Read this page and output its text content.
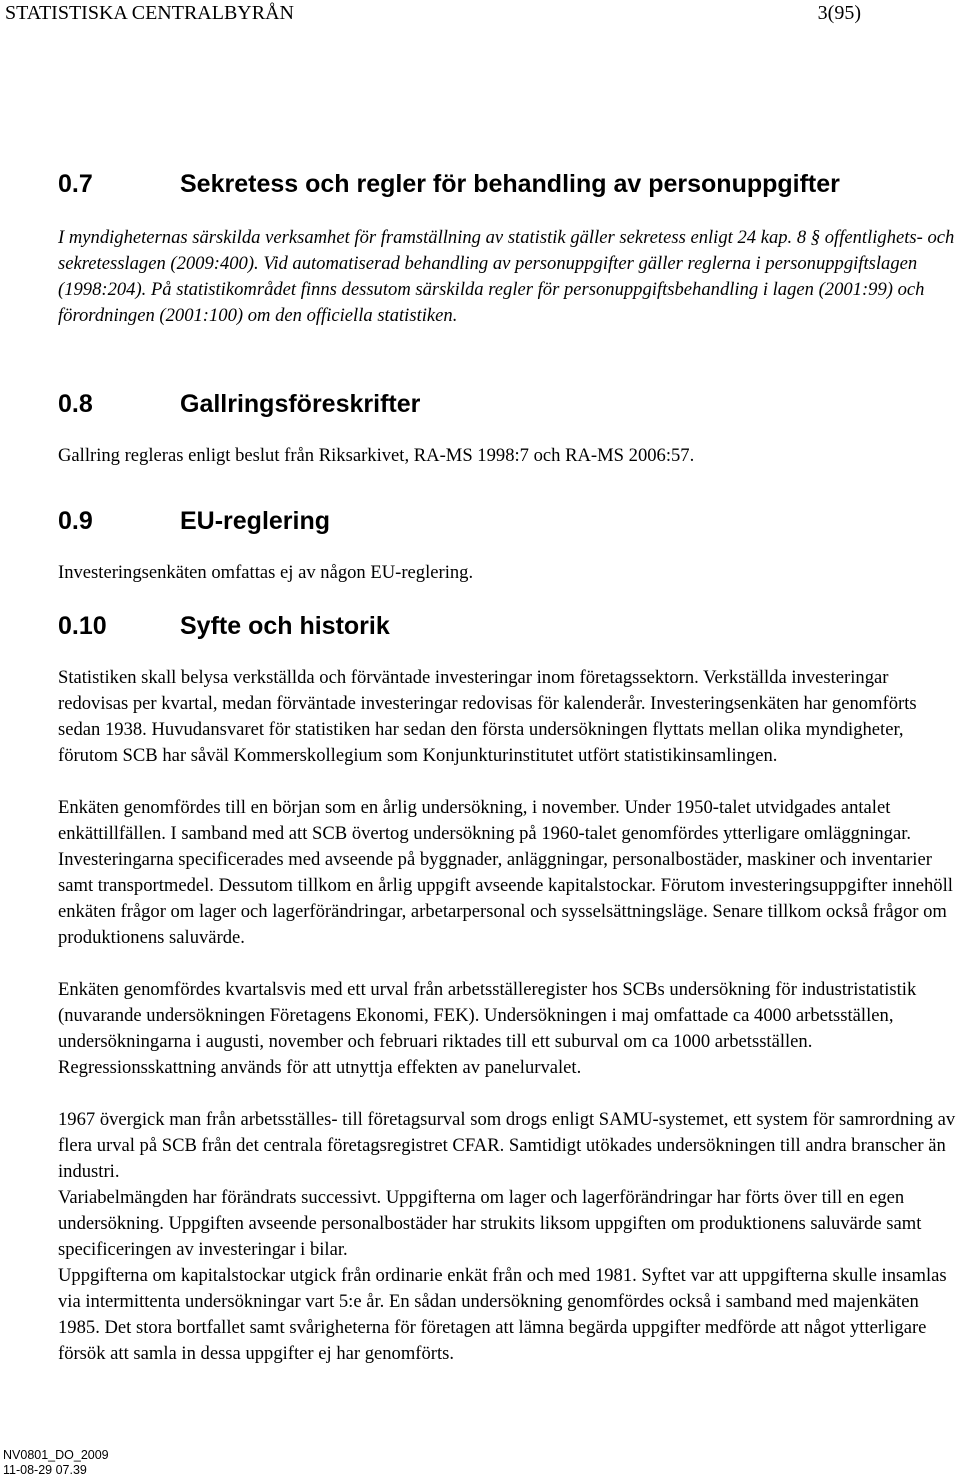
STATISTISKA CENTRALBYRÅN	3(95)
0.7	Sekretess och regler för behandling av personuppgifter

I myndigheternas särskilda verksamhet för framställning av statistik gäller sekretess enligt 24 kap. 8 § offentlighets- och sekretesslagen (2009:400). Vid automatiserad behandling av personuppgifter gäller reglerna i personuppgiftslagen (1998:204). På statistikområdet finns dessutom särskilda regler för personuppgiftsbehandling i lagen (2001:99) och förordningen (2001:100) om den officiella statistiken.

0.8	Gallringsföreskrifter

Gallring regleras enligt beslut från Riksarkivet, RA-MS 1998:7 och RA-MS 2006:57.

0.9	EU-reglering

Investeringsenkäten omfattas ej av någon EU-reglering.

0.10	Syfte och historik

Statistiken skall belysa verkställda och förväntade investeringar inom företagssektorn. Verkställda investeringar redovisas per kvartal, medan förväntade investeringar redovisas för kalenderår. Investeringsenkäten har genomförts sedan 1938. Huvudansvaret för statistiken har sedan den första undersökningen flyttats mellan olika myndigheter, förutom SCB har såväl Kommerskollegium som Konjunkturinstitutet utfört statistikinsamlingen.

Enkäten genomfördes till en början som en årlig undersökning, i november. Under 1950-talet utvidgades antalet enkättillfällen. I samband med att SCB övertog undersökning på 1960-talet genomfördes ytterligare omläggningar. Investeringarna specificerades med avseende på byggnader, anläggningar, personalbostäder, maskiner och inventarier samt transportmedel. Dessutom tillkom en årlig uppgift avseende kapitalstockar. Förutom investeringsuppgifter innehöll enkäten frågor om lager och lagerförändringar, arbetarpersonal och sysselsättningsläge. Senare tillkom också frågor om produktionens saluvärde.

Enkäten genomfördes kvartalsvis med ett urval från arbetsställeregister hos SCBs undersökning för industristatistik (nuvarande undersökningen Företagens Ekonomi, FEK). Undersökningen i maj omfattade ca 4000 arbetsställen, undersökningarna i augusti, november och februari riktades till ett suburval om ca 1000 arbetsställen. Regressionsskattning används för att utnyttja effekten av panelurvalet.

1967 övergick man från arbetsställes- till företagsurval som drogs enligt SAMU-systemet, ett system för samrordning av flera urval på SCB från det centrala företagsregistret CFAR. Samtidigt utökades undersökningen till andra branscher än industri.

Variabelmängden har förändrats successivt. Uppgifterna om lager och lagerförändringar har förts över till en egen undersökning. Uppgiften avseende personalbostäder har strukits liksom uppgiften om produktionens saluvärde samt specificeringen av investeringar i bilar.

Uppgifterna om kapitalstockar utgick från ordinarie enkät från och med 1981. Syftet var att uppgifterna skulle insamlas via intermittenta undersökningar vart 5:e år. En sådan undersökning genomfördes också i samband med majenkäten 1985. Det stora bortfallet samt svårigheterna för företagen att lämna begärda uppgifter medförde att något ytterligare försök att samla in dessa uppgifter ej har genomförts.

NV0801_DO_2009
11-08-29 07.39
